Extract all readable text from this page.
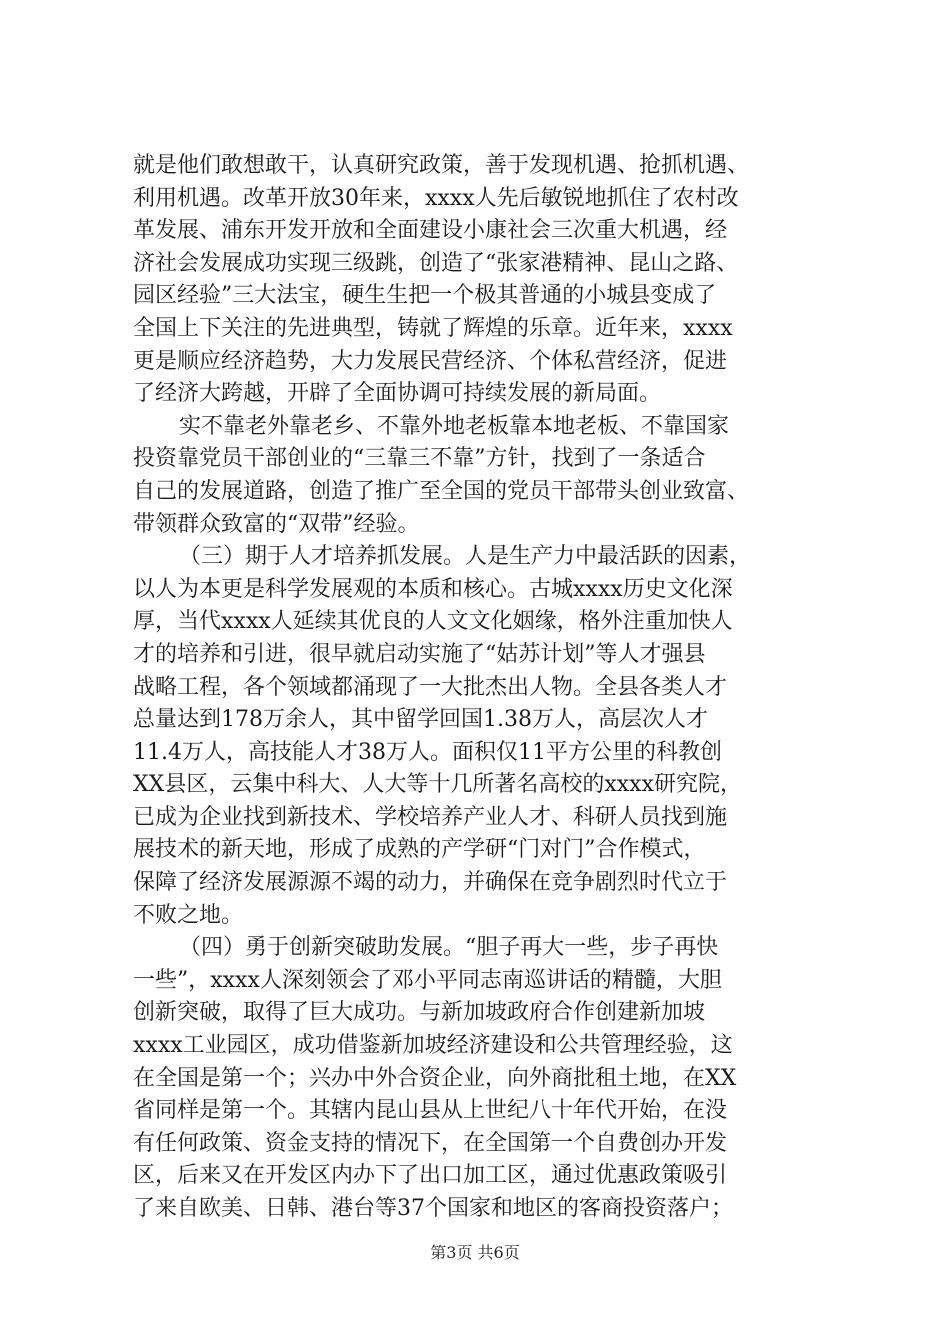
就是他们敢想敢干，认真研究政策，善于发现机遇、抢抓机遇、
利用机遇。改革开放30年来，xxxx人先后敏锐地抓住了农村改
革发展、浦东开发开放和全面建设小康社会三次重大机遇，经
济社会发展成功实现三级跳，创造了“张家港精神、昆山之路、
园区经验”三大法宝，硬生生把一个极其普通的小城县变成了
全国上下关注的先进典型，铸就了辉煌的乐章。近年来，xxxx
更是顺应经济趋势，大力发展民营经济、个体私营经济，促进
了经济大跨越，开辟了全面协调可持续发展的新局面。
实不靠老外靠老乡、不靠外地老板靠本地老板、不靠国家
投资靠党员干部创业的“三靠三不靠”方针，找到了一条适合
自己的发展道路，创造了推广至全国的党员干部带头创业致富、
带领群众致富的“双带”经验。
（三）期于人才培养抓发展。人是生产力中最活跃的因素，
以人为本更是科学发展观的本质和核心。古城xxxx历史文化深
厚，当代xxxx人延续其优良的人文文化姻缘，格外注重加快人
才的培养和引进，很早就启动实施了“姑苏计划”等人才强县
战略工程，各个领域都涌现了一大批杰出人物。全县各类人才
总量达到178万余人，其中留学回国1.38万人，高层次人才
11.4万人，高技能人才38万人。面积仅11平方公里的科教创
XX县区，云集中科大、人大等十几所著名高校的xxxx研究院，
已成为企业找到新技术、学校培养产业人才、科研人员找到施
展技术的新天地，形成了成熟的产学研“门对门”合作模式，
保障了经济发展源源不竭的动力，并确保在竞争剧烈时代立于
不败之地。
（四）勇于创新突破助发展。“胆子再大一些，步子再快
一些”，xxxx人深刻领会了邓小平同志南巡讲话的精髓，大胆
创新突破，取得了巨大成功。与新加坡政府合作创建新加坡
xxxx工业园区，成功借鉴新加坡经济建设和公共管理经验，这
在全国是第一个；兴办中外合资企业，向外商批租土地，在XX
省同样是第一个。其辖内昆山县从上世纪八十年代开始，在没
有任何政策、资金支持的情况下，在全国第一个自费创办开发
区，后来又在开发区内办下了出口加工区，通过优惠政策吸引
了来自欧美、日韩、港台等37个国家和地区的客商投资落户；
第3页 共6页
